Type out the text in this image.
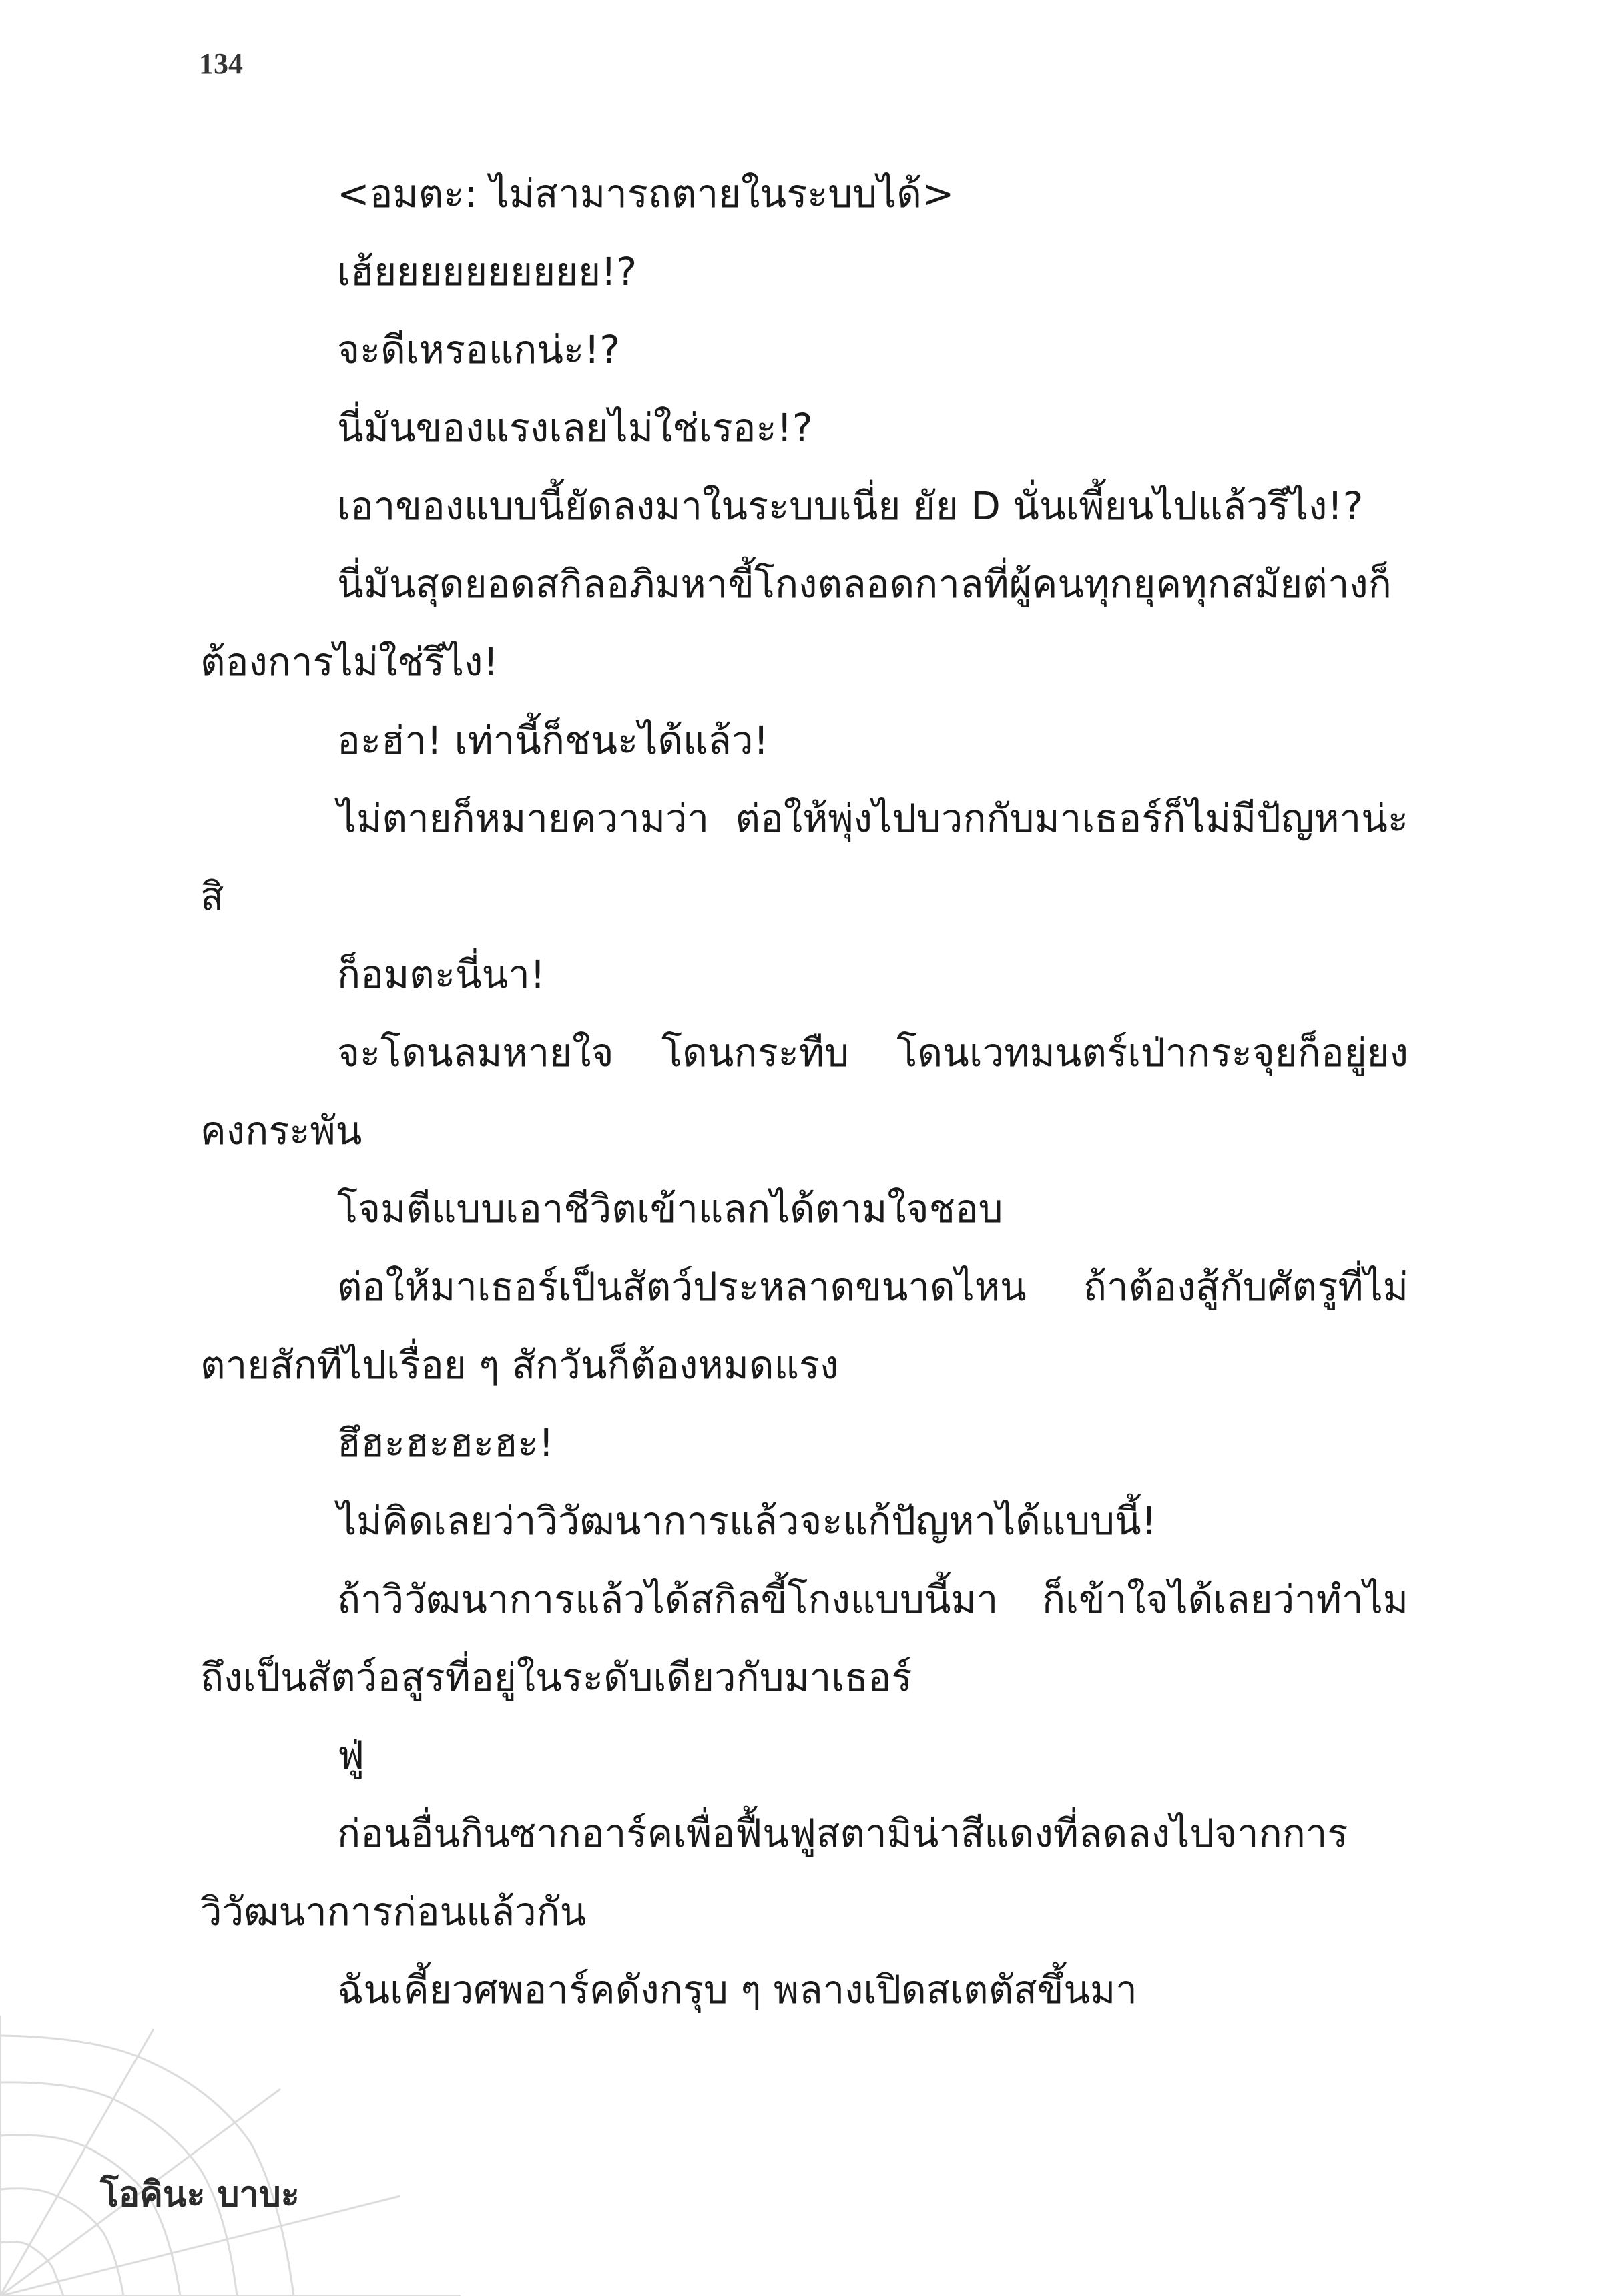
134

<อมตะ: ไม่สามารถตายในระบบได้>

เฮ้ยยยยยยยยยย!?

จะดีเหรอแกน่ะ!?

นี่มันของแรงเลยไม่ใช่เรอะ!?

เอาของแบบนี้ยัดลงมาในระบบเนี่ย ยัย D นั่นเพี้ยนไปแล้วรึไง!?

นี่มันสุดยอดสกิลอภิมหาขี้โกงตลอดกาลที่ผู้คนทุกยุคทุกสมัยต่างก็ต้องการไม่ใช่รึไง!

อะฮ่า! เท่านี้ก็ชนะได้แล้ว!

ไม่ตายก็หมายความว่า ต่อให้พุ่งไปบวกกับมาเธอร์ก็ไม่มีปัญหาน่ะสิ

ก็อมตะนี่นา!

จะโดนลมหายใจ โดนกระทืบ โดนเวทมนตร์เป่ากระจุยก็อยู่ยงคงกระพัน

โจมตีแบบเอาชีวิตเข้าแลกได้ตามใจชอบ

ต่อให้มาเธอร์เป็นสัตว์ประหลาดขนาดไหน ถ้าต้องสู้กับศัตรูที่ไม่ตายสักทีไปเรื่อย ๆ สักวันก็ต้องหมดแรง

ฮึฮะฮะฮะฮะ!

ไม่คิดเลยว่าวิวัฒนาการแล้วจะแก้ปัญหาได้แบบนี้!

ถ้าวิวัฒนาการแล้วได้สกิลขี้โกงแบบนี้มา ก็เข้าใจได้เลยว่าทำไมถึงเป็นสัตว์อสูรที่อยู่ในระดับเดียวกับมาเธอร์

ฟู่

ก่อนอื่นกินซากอาร์คเพื่อฟื้นฟูสตามิน่าสีแดงที่ลดลงไปจากการวิวัฒนาการก่อนแล้วกัน

ฉันเคี้ยวศพอาร์คดังกรุบ ๆ พลางเปิดสเตตัสขึ้นมา

โอคินะ บาบะ
